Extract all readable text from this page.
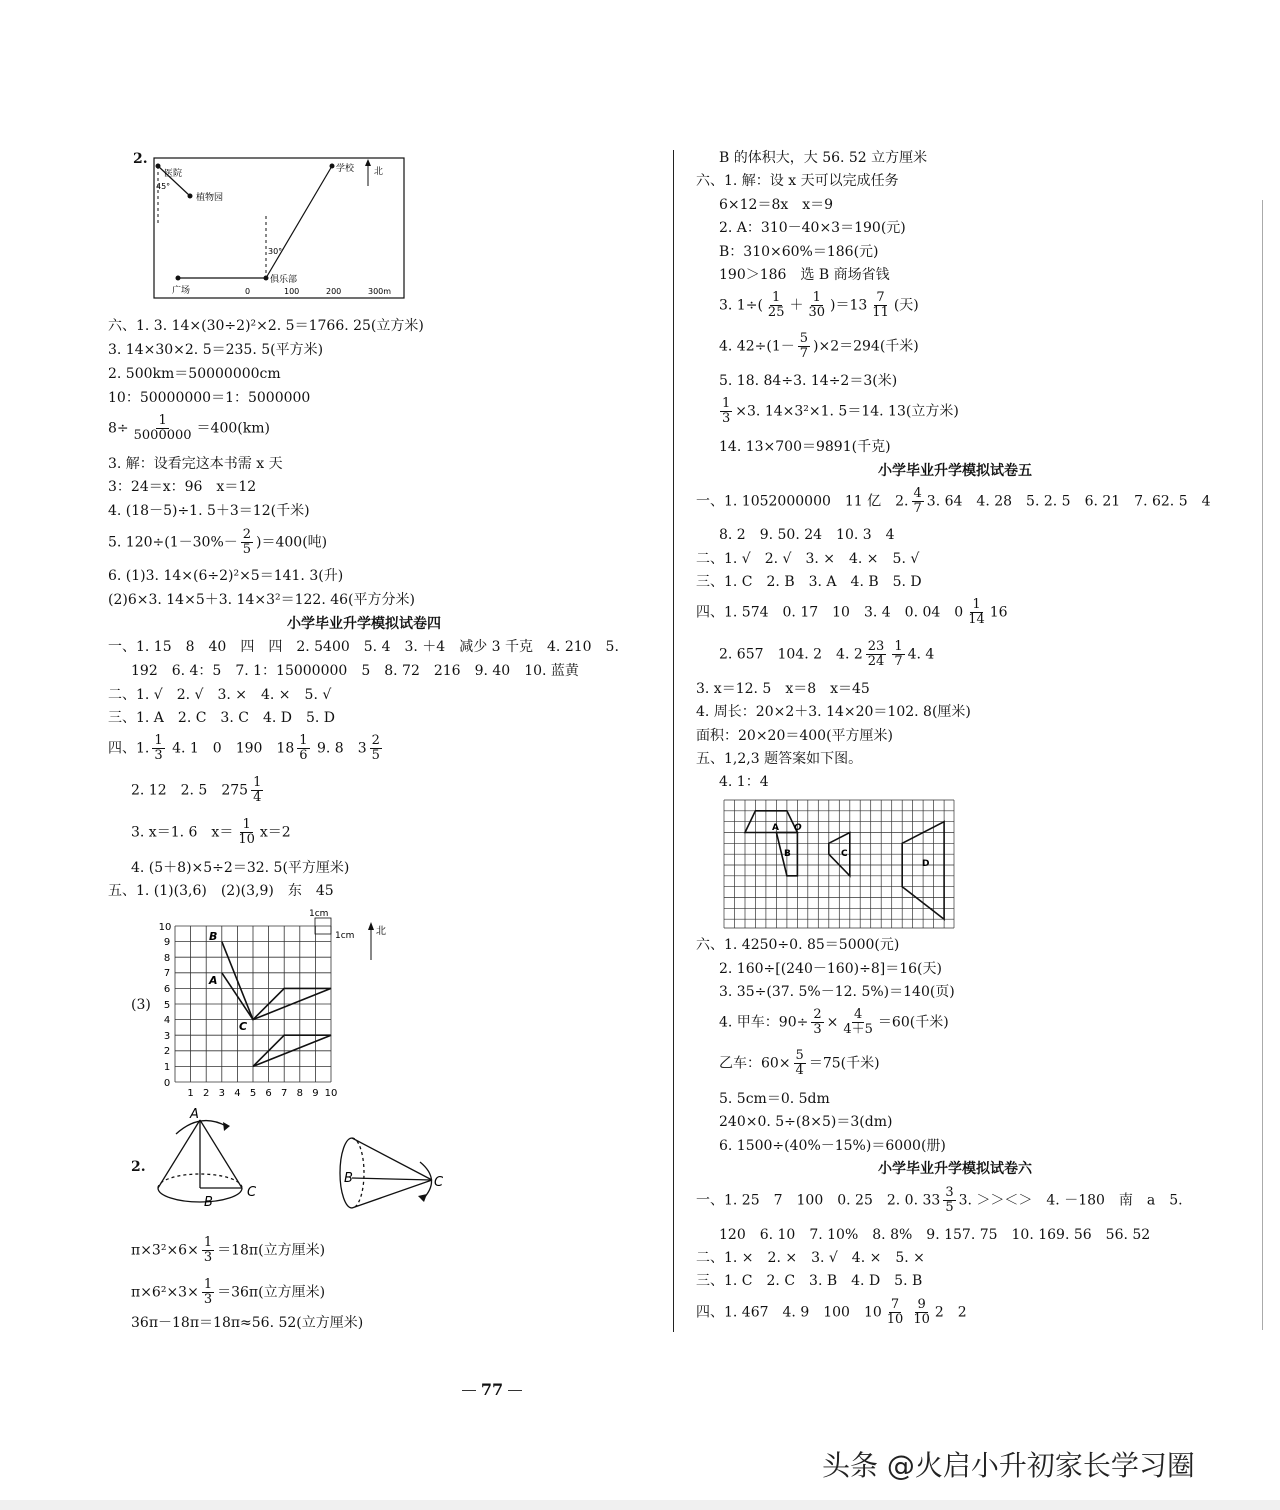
2.
医院
45°
植物园
学校 北
30°
俱乐部
广场	0	100	200	300m
六、1. 3. 14×(30÷2)²×2. 5＝1766. 25(立方米)
3. 14×30×2. 5＝235. 5(平方米)
2. 500km＝50000000cm
10：50000000＝1：5000000
$8\div \frac{1}{5000000} =400(km)$
3. 解：设看完这本书需 x 天
3：24＝x：96　x＝12
4. (18－5)÷1. 5＋3＝12(千米)
5. $120\div(1-30\%- \frac{2}{5} )=400$(吨)
6. (1)3. 14×(6÷2)²×5＝141. 3(升)
(2)6×3. 14×5＋3. 14×3²＝122. 46(平方分米)
小学毕业升学模拟试卷四
一、1. 15　8　40　四　四　2. 5400　5. 4　3. ＋4　减少 3 千克　4. 210　5.
192　6. 4：5　7. 1：15000000　5　8. 72　216　9. 40　10. 蓝黄
二、1. √　2. √　3. ×　4. ×　5. √
三、1. A　2. C　3. C　4. D　5. D
四、1. $\frac{1}{3} 4$. 1　0　190　$18 \frac{1}{6} 9$. 8　$3 \frac{2}{5}$
2. 12　2. 5　$275 \frac{1}{4}$
3. x＝1. 6　$x= \frac{1}{10} x=2$
4. (5＋8)×5÷2＝32. 5(平方厘米)
五、1. (1)(3,6)　(2)(3,9)　东　45
(3)
B
A
C
1cm
1cm 北
0
1 2 3 4 5 6 7 8 9 10
1
2
3
4
5
6
7
8
9
10
2.
A
B
C
B	C
$\pi\times 3^2\times 6\times \frac{1}{3} =18\pi$(立方厘米)
$\pi\times 6^2\times 3\times \frac{1}{3} =36\pi$(立方厘米)
36π－18π＝18π≈56. 52(立方厘米)
B 的体积大，大 56. 52 立方厘米
六、1. 解：设 x 天可以完成任务
6×12＝8x　x＝9
2. A：310－40×3＝190(元)
B：310×60%＝186(元)
190＞186　选 B 商场省钱
3. $1\div( \frac{1}{25} + \frac{1}{30} )=13 \frac{7}{11}$ (天)
4. $42\div(1- \frac{5}{7} )\times 2=294$(千米)
5. 18. 84÷3. 14÷2＝3(米)
$\frac{1}{3} \times 3$. 14×3²×1. 5＝14. 13(立方米)
14. 13×700＝9891(千克)
小学毕业升学模拟试卷五
一、1. 1052000000　11 亿　2. $\frac{4}{7} 3$. 64　4. 28　5. 2. 5　6. 21　7. 62. 5　4
8. 2　9. 50. 24　10. 3　4
二、1. √　2. √　3. ×　4. ×　5. √
三、1. C　2. B　3. A　4. B　5. D
四、1. 574　0. 17　10　3. 4　0. 04　$0 \frac{1}{14} 16$
2. 657　104. 2　4. $2 \frac{23}{24} \frac{1}{7} 4$. 4
3. x＝12. 5　x＝8　x＝45
4. 周长：20×2＋3. 14×20＝102. 8(厘米)
面积：20×20＝400(平方厘米)
五、1,2,3 题答案如下图。
4. 1：4
A O
B	C
D
六、1. 4250÷0. 85＝5000(元)
2. 160÷[(240－160)÷8]＝16(天)
3. 35÷(37. 5%－12. 5%)＝140(页)
4. 甲车：$90\div \frac{2}{3} \times \frac{4}{4+5} =60$(千米)
乙车：$60\times \frac{5}{4} =75$(千米)
5. 5cm＝0. 5dm
240×0. 5÷(8×5)＝3(dm)
6. 1500÷(40%－15%)＝6000(册)
小学毕业升学模拟试卷六
一、1. 25　7　100　0. 25　2. 0. $33 \frac{3}{5} 3$. ＞＞＜＞　4. －180　南　a　5.
120　6. 10　7. 10%　8. 8%　9. 157. 75　10. 169. 56　56. 52
二、1. ×　2. ×　3. √　4. ×　5. ×
三、1. C　2. C　3. B　4. D　5. B
四、1. 467　4. 9　100　$10 \frac{7}{10} \frac{9}{10} 2$　2
77
头条 @火启小升初家长学习圈
